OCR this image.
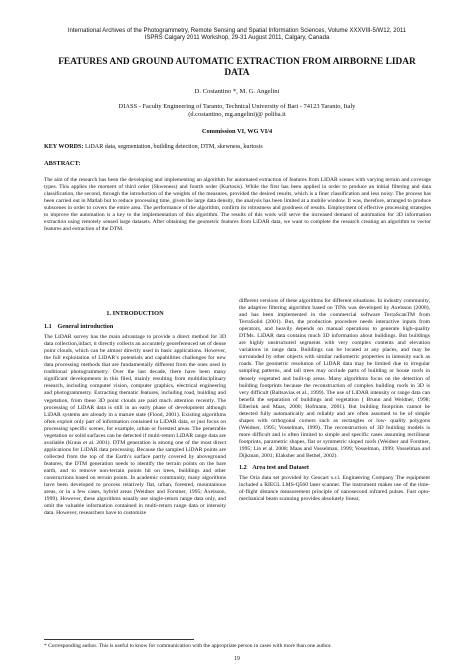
International Archives of the Photogrammetry, Remote Sensing and Spatial Information Sciences, Volume XXXVIII-5/W12, 2011
ISPRS Calgary 2011 Workshop, 29-31 August 2011, Calgary, Canada
FEATURES AND GROUND AUTOMATIC EXTRACTION FROM AIRBORNE LIDAR DATA
D. Costantino *, M. G. Angelini
DIASS - Faculty Engineering of Taranto, Technical University of Bari - 74123 Taranto, Italy
(d.costantino, mg.angelini)@ poliba.it
Commission VI, WG VI/4
KEY WORDS: LiDAR data, segmentation, building detection, DTM, skewness, kurtosis
ABSTRACT:
The aim of the research has been the developing and implementing an algorithm for automated extraction of features from LIDAR scenes with varying terrain and coverage types. This applies the moment of third order (Skweness) and fourth order (Kurtosis). While the first has been applied in order to produce an initial filtering and data classification, the second, through the introduction of the weights of the measures, provided the desired results, which is a finer classification and less noisy. The process has been carried out in Matlab but to reduce processing time, given the large data density, the analysis has been limited at a mobile window. It was, therefore, arranged to produce subscenes in order to covers the entire area. The performance of the algorithm, confirm its robustness and goodness of results. Employment of effective processing strategies to improve the automation is a key to the implementation of this algorithm. The results of this work will serve the increased demand of automation for 3D information extraction using remotely sensed large datasets. After obtaining the geometric features from LiDAR data, we want to complete the research creating an algorithm to vector features and extraction of the DTM.
1. INTRODUCTION
1.1 General introduction
The LiDAR survey has the main advantage to provide a direct method for 3D data collection,infact, it directly collects an accurately georeferenced set of dense point clouds, which can be almost directly used in basic applications. However, the full exploitation of LiDAR’s potentials and capabilities challenges for new data processing methods that are fundamentally different from the ones used in traditional photogrammetry. Over the last decade, there have been many significant developments in this filed, mainly resulting from multidisciplinary research, including computer vision, computer graphics, electrical engineering and photogrammetry. Extracting thematic features, including road, building and vegetation, from these 3D point clouds are paid much attention recently. The processing of LiDAR data is still in an early phase of development although LiDAR systems are already in a mature state (Flood, 2001). Existing algorithms often exploit only part of information contained in LiDAR data, or just focus on processing specific scenes, for example, urban or forested areas. The penetrable vegetation or solid surfaces can be detected if multi-return LiDAR range data are available (Kraus et al. 2001). DTM generation is among one of the most direct applications for LiDAR data processing. Because the sampled LiDAR points are collected from the top of the Earth’s surface partly covered by aboveground features, the DTM generation needs to identify the terrain points on the bare earth, and to remove non-terrain points hit on trees, buildings and other constructions based on terrain points. In academic community, many algorithms have been developed to process relatively flat, urban, forested, mountainous areas, or in a few cases, hybrid areas (Weidner and Forstner, 1995; Axelsson, 1999). However, these algorithms usually use single-return range data only, and omit the valuable information contained in multi-return range data or intensity data. However, researchers have to customize
different versions of these algorithms for different situations. In industry community, the adaptive filtering algorithm based on TINs was developed by Axelsson (2000), and has been implemented in the commercial software TerraScanTM from TerraSolid (2001). But, the production procedure needs interactive inputs from operators, and heavily depends on manual operations to generate high-quality DTMs. LiDAR data contains much 3D information about buildings. But buildings are highly unstructured segments with very complex contents and elevation variations in range data. Buildings can be located at any places, and may be surrounded by other objects with similar radiometric properties in intensity such as roads. The geometric resolution of LiDAR data may be limited due to irregular sampling patterns, and tall trees may occlude parts of building or house roofs in densely vegetated and built-up areas. Many algorithms focus on the detection of building footprints because the reconstruction of complex building roofs in 3D is very difficult (Baltsavias et al., 1999). The use of LiDAR intensity or range data can benefit the separation of buildings and vegetation ( Brunn and Weidner, 1998; Elberink and Maas, 2000; Hofmann, 2001). But building footprints cannot be detected fully automatically and reliably and are often assumed to be of simple shapes with orthogonal corners such as rectangles or low- quality polygons (Weidner, 1995; Vosselman, 1999). The reconstruction of 3D building models is more difficult and is often limited to simple and specific cases assuming rectilinear footprints, parametric shapes, flat or symmetric sloped roofs (Weidner and Forstner, 1995; Lin et al. 2008; Maas and Vosselman, 1999; Vosselman, 1999; Vosselman and Dijkman, 2001; Elaksher and Bethel, 2002).
1.2 Area test and Dataset
The Oria data set provided by Geocart s.r.l. Engineering Company The equipment included a RIEGL LMS-Q560 laser scanner. The instrument makes use of the time-of-flight distance measurement principle of nanosecond infrared pulses. Fast opto-mechanical beam scanning provides absolutely linear,
* Corresponding author. This is useful to know for communication with the appropriate person in cases with more than one author.
19
